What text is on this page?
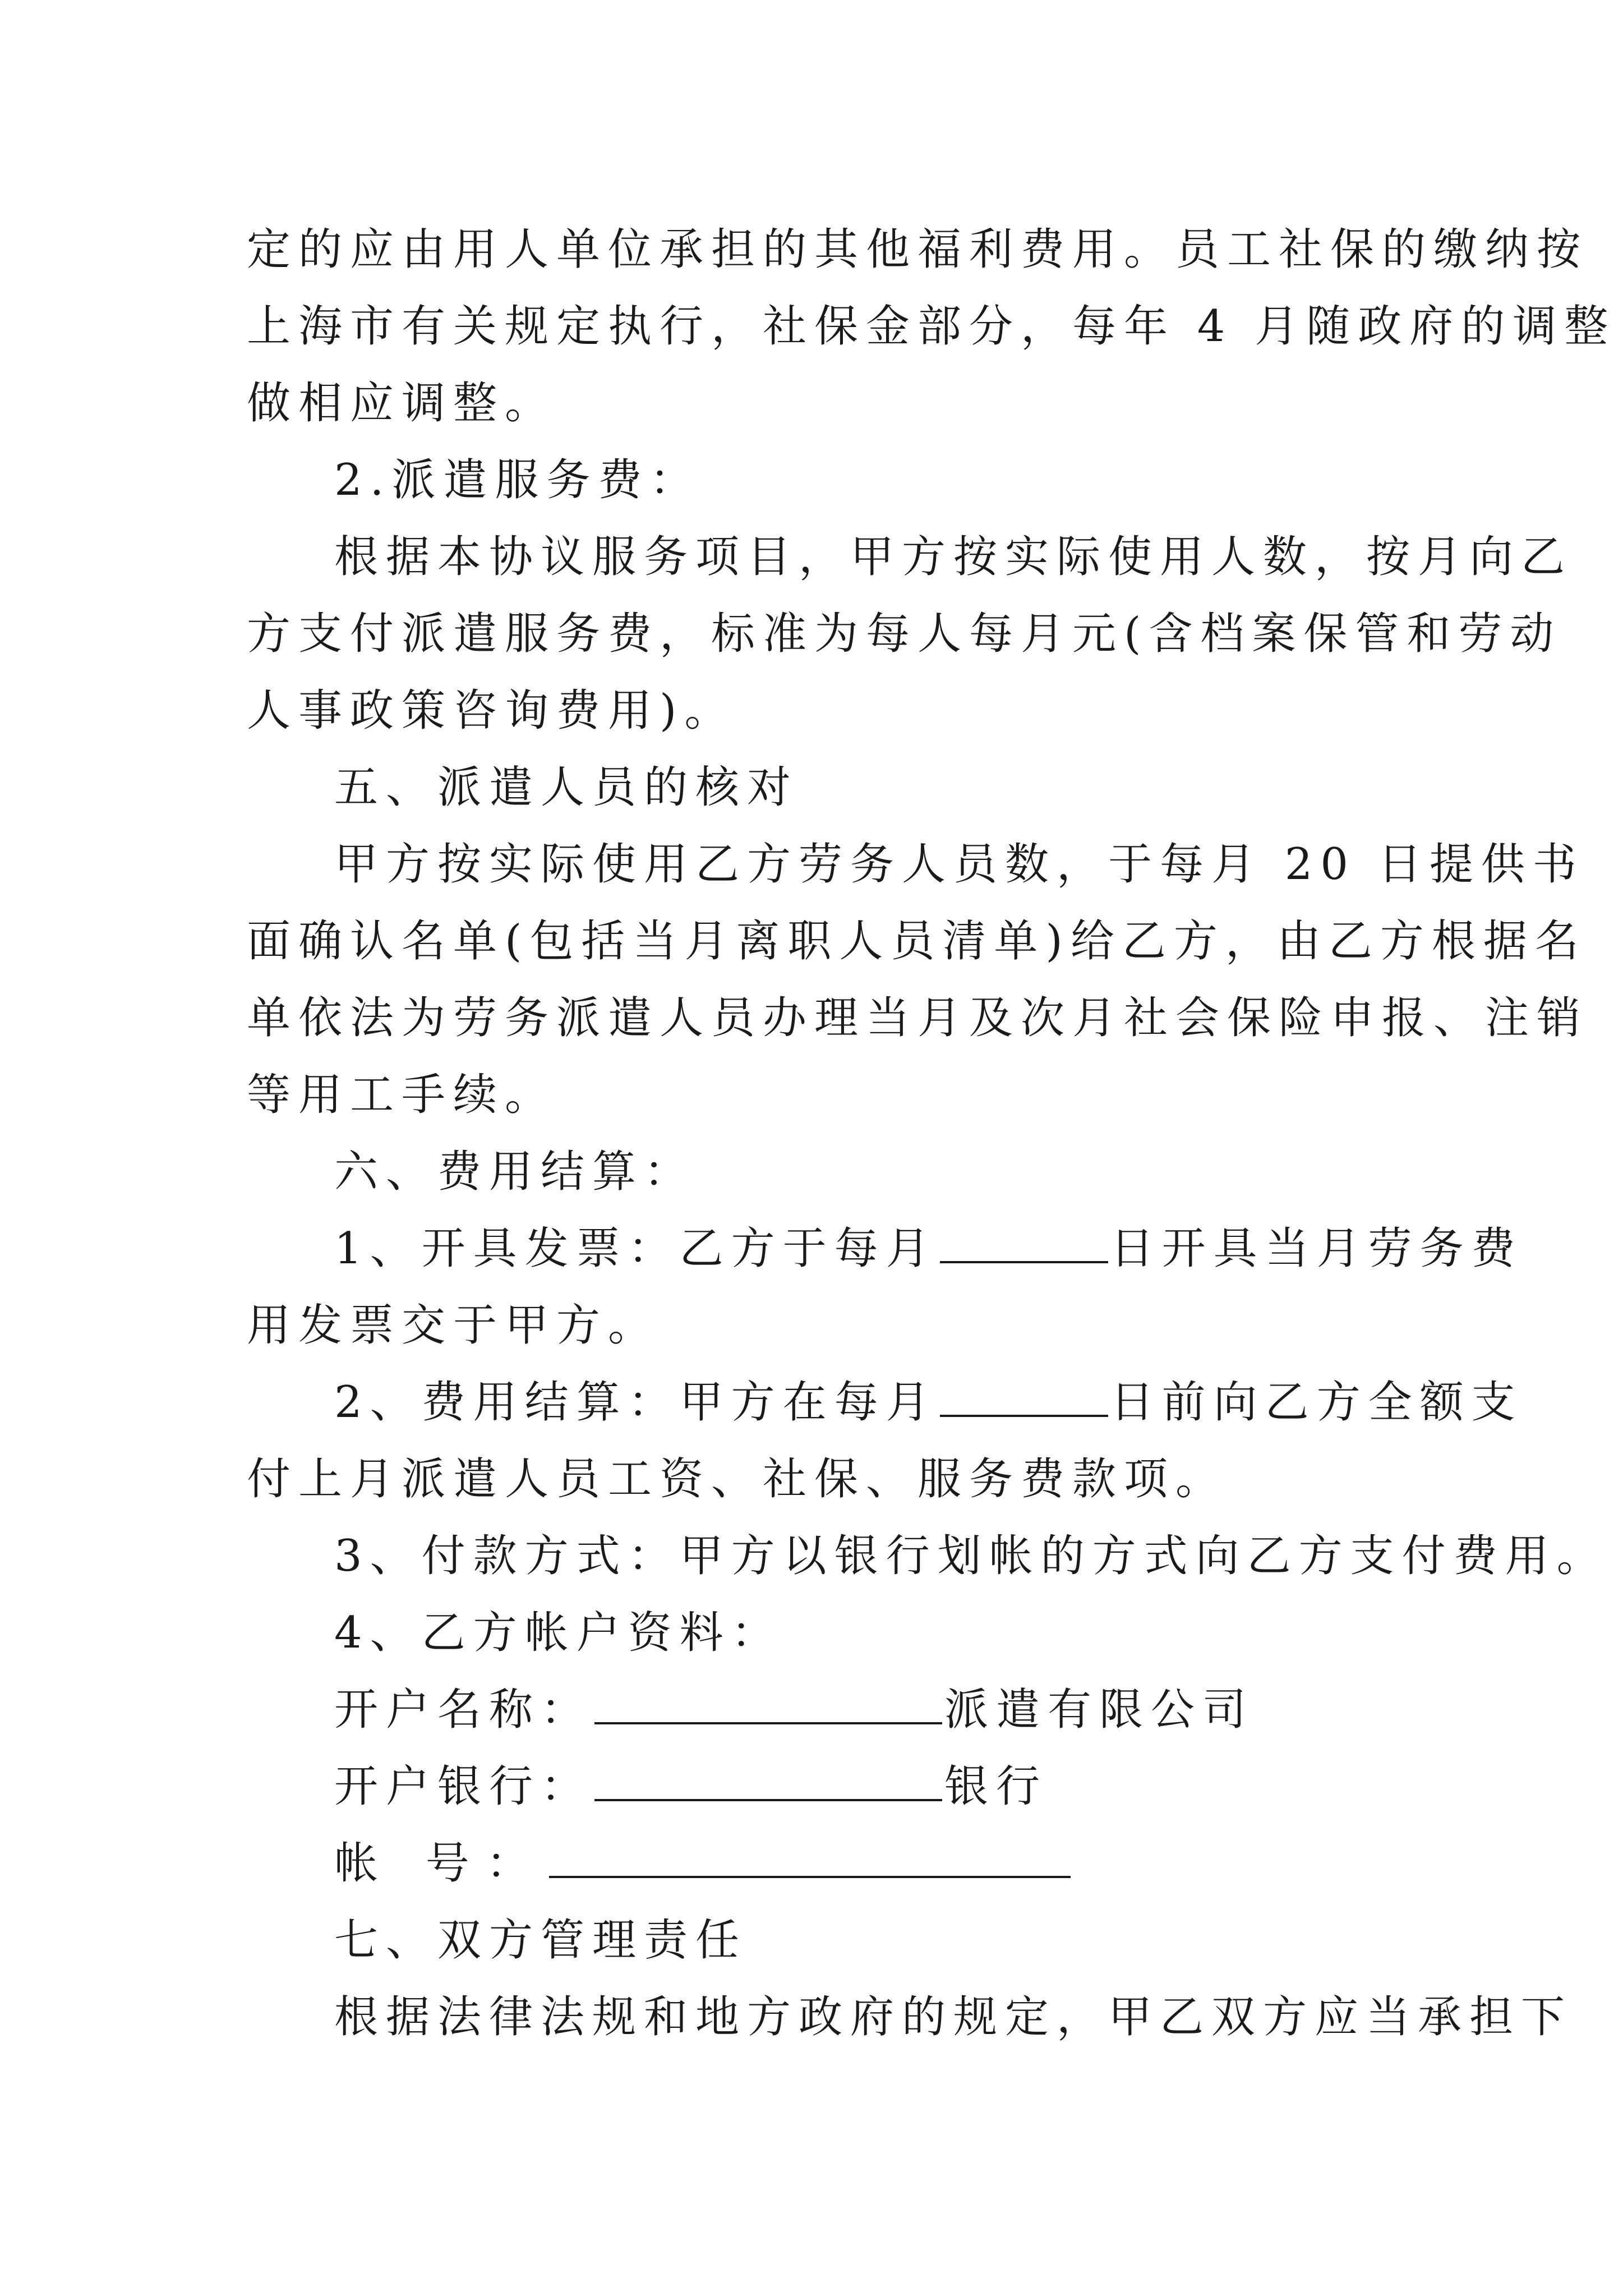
定的应由用人单位承担的其他福利费用。员工社保的缴纳按
上海市有关规定执行，社保金部分，每年 4 月随政府的调整
做相应调整。
2.派遣服务费：
根据本协议服务项目，甲方按实际使用人数，按月向乙
方支付派遣服务费，标准为每人每月元(含档案保管和劳动
人事政策咨询费用)。
五、派遣人员的核对
甲方按实际使用乙方劳务人员数，于每月 20 日提供书
面确认名单(包括当月离职人员清单)给乙方，由乙方根据名
单依法为劳务派遣人员办理当月及次月社会保险申报、注销
等用工手续。
六、费用结算：
1、开具发票：乙方于每月	日开具当月劳务费
用发票交于甲方。
2、费用结算：甲方在每月	日前向乙方全额支
付上月派遣人员工资、社保、服务费款项。
3、付款方式：甲方以银行划帐的方式向乙方支付费用。
4、乙方帐户资料：
开户名称：	派遣有限公司
开户银行：	银行
帐 号：
七、双方管理责任
根据法律法规和地方政府的规定，甲乙双方应当承担下
